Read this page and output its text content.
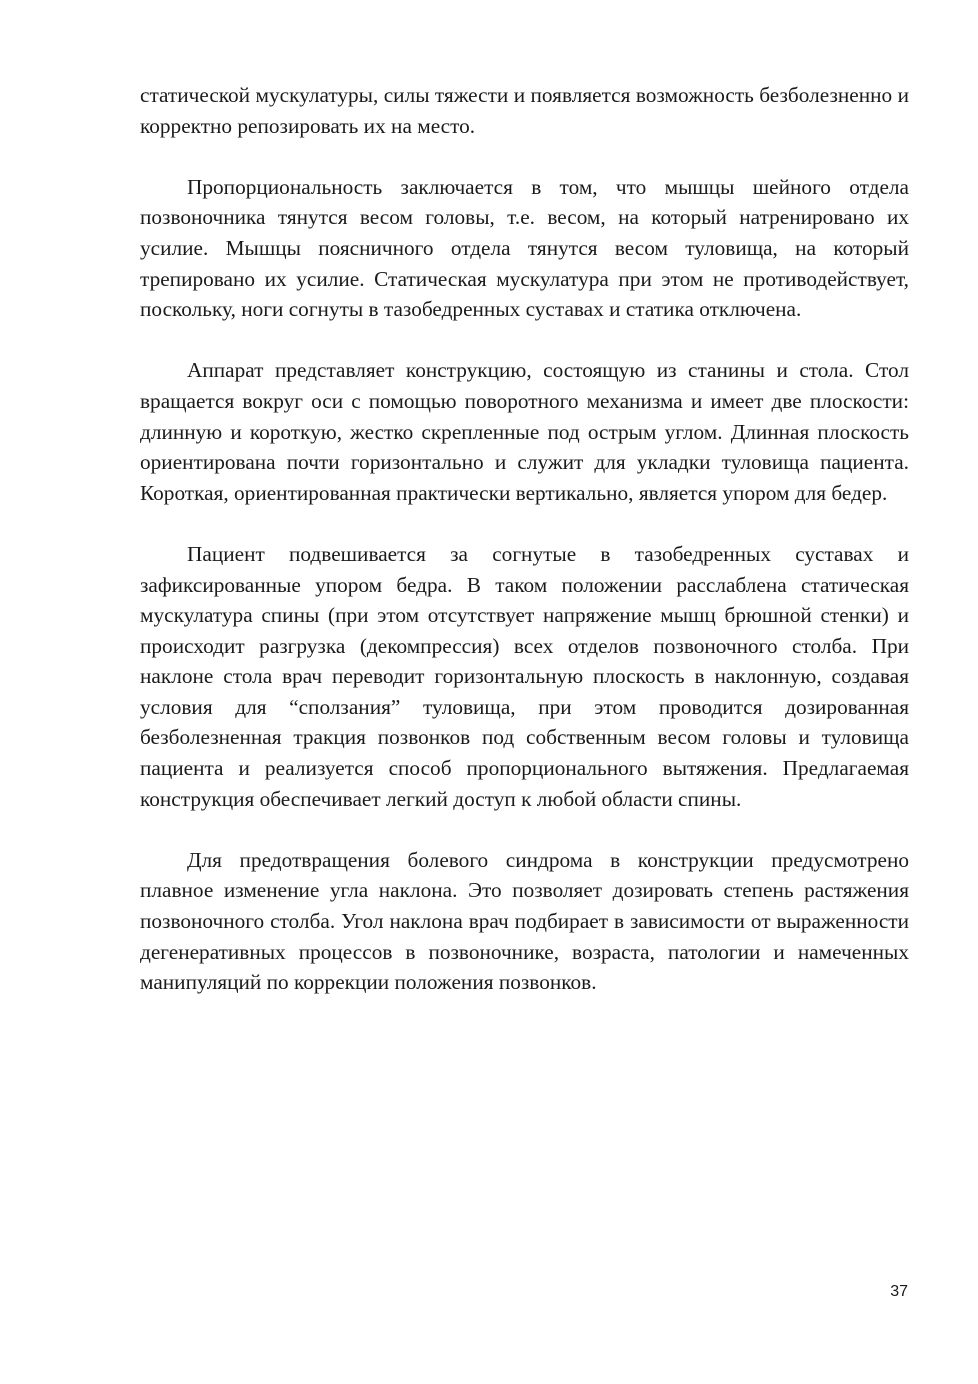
статической мускулатуры, силы тяжести и появляется возможность безболезненно и корректно репозировать их на место.

Пропорциональность заключается в том, что мышцы шейного отдела позвоночника тянутся весом головы, т.е. весом, на который натренировано их усилие. Мышцы поясничного отдела тянутся весом туловища, на который трепировано их усилие. Статическая мускулатура при этом не противодействует, поскольку, ноги согнуты в тазобедренных суставах и статика отключена.

Аппарат представляет конструкцию, состоящую из станины и стола. Стол вращается вокруг оси с помощью поворотного механизма и имеет две плоскости: длинную и короткую, жестко скрепленные под острым углом. Длинная плоскость ориентирована почти горизонтально и служит для укладки туловища пациента. Короткая, ориентированная практически вертикально, является упором для бедер.

Пациент подвешивается за согнутые в тазобедренных суставах и зафиксированные упором бедра. В таком положении расслаблена статическая мускулатура спины (при этом отсутствует напряжение мышц брюшной стенки) и происходит разгрузка (декомпрессия) всех отделов позвоночного столба. При наклоне стола врач переводит горизонтальную плоскость в наклонную, создавая условия для “сползания” туловища, при этом проводится дозированная безболезненная тракция позвонков под собственным весом головы и туловища пациента и реализуется способ пропорционального вытяжения. Предлагаемая конструкция обеспечивает легкий доступ к любой области спины.

Для предотвращения болевого синдрома в конструкции предусмотрено плавное изменение угла наклона. Это позволяет дозировать степень растяжения позвоночного столба. Угол наклона врач подбирает в зависимости от выраженности дегенеративных процессов в позвоночнике, возраста, патологии и намеченных манипуляций по коррекции положения позвонков.

37
